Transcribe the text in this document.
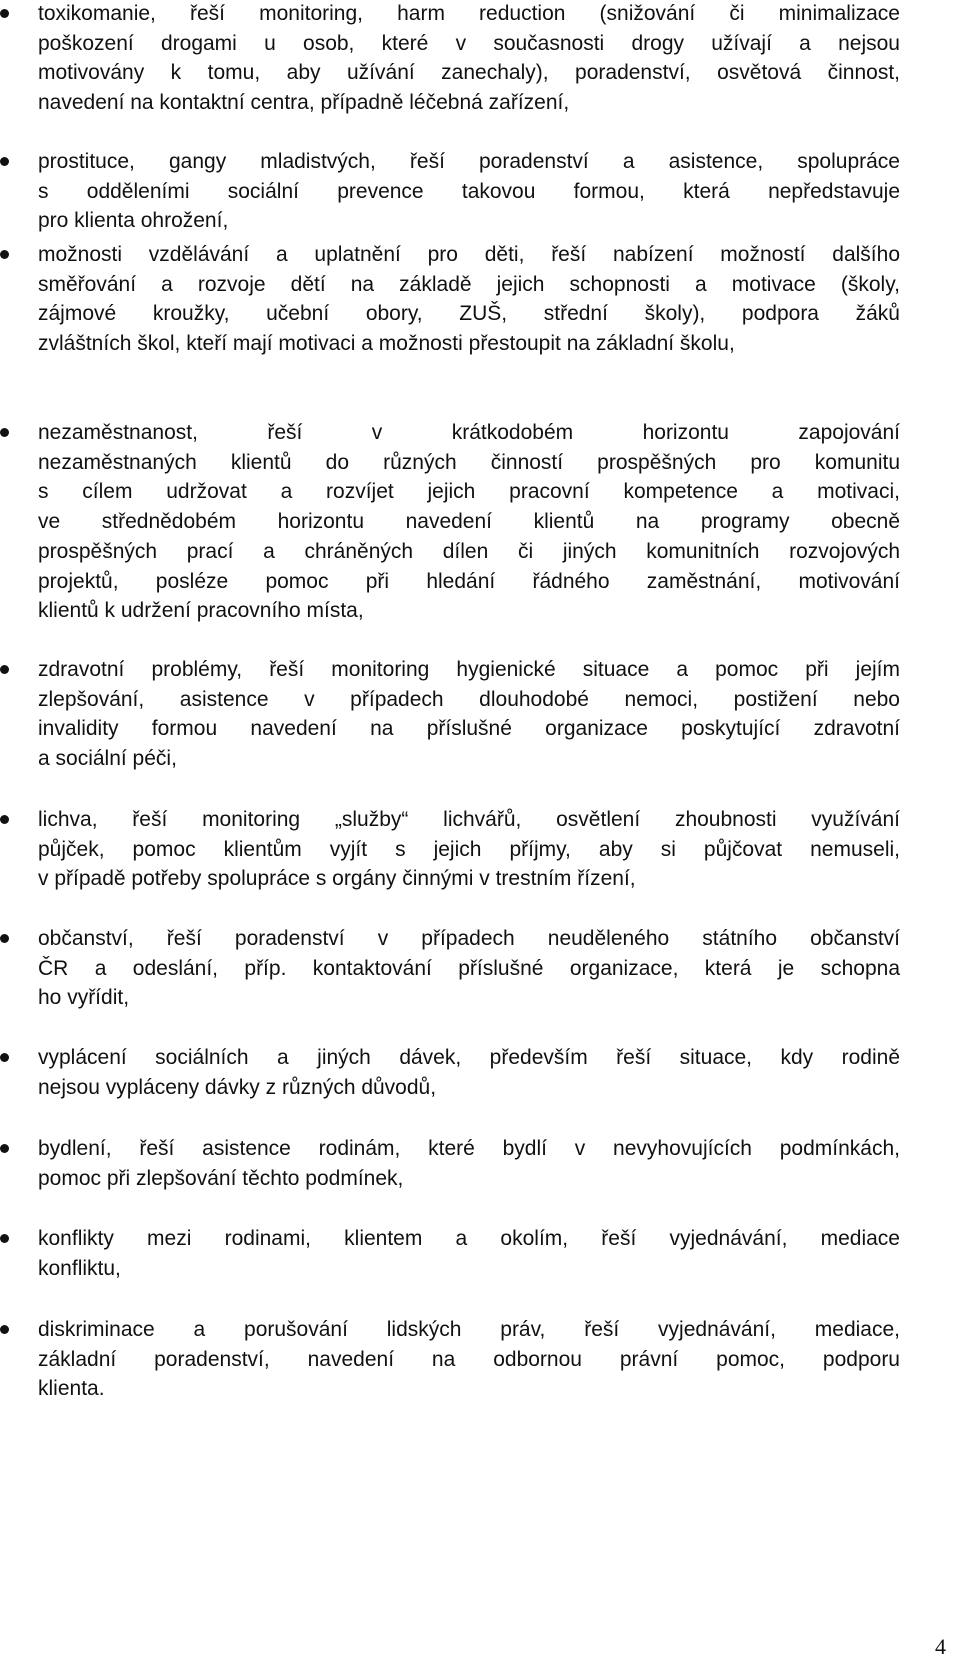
toxikomanie, řeší monitoring, harm reduction (snižování či minimalizace
poškození drogami u osob, které v současnosti drogy užívají a nejsou
motivovány k tomu, aby užívání zanechaly), poradenství, osvětová činnost,
navedení na kontaktní centra, případně léčebná zařízení,
prostituce, gangy mladistvých, řeší poradenství a asistence, spolupráce
s odděleními sociální prevence takovou formou, která nepředstavuje
pro klienta ohrožení,
možnosti vzdělávání a uplatnění pro děti, řeší nabízení možností dalšího
směřování a rozvoje dětí na základě jejich schopnosti a motivace (školy,
zájmové kroužky, učební obory, ZUŠ, střední školy), podpora žáků
zvláštních škol, kteří mají motivaci a možnosti přestoupit na základní školu,
nezaměstnanost, řeší v krátkodobém horizontu zapojování
nezaměstnaných klientů do různých činností prospěšných pro komunitu
s cílem udržovat a rozvíjet jejich pracovní kompetence a motivaci,
ve střednědobém horizontu navedení klientů na programy obecně
prospěšných prací a chráněných dílen či jiných komunitních rozvojových
projektů, posléze pomoc při hledání řádného zaměstnání, motivování
klientů k udržení pracovního místa,
zdravotní problémy, řeší monitoring hygienické situace a pomoc při jejím
zlepšování, asistence v případech dlouhodobé nemoci, postižení nebo
invalidity formou navedení na příslušné organizace poskytující zdravotní
a sociální péči,
lichva, řeší monitoring „služby“ lichvářů, osvětlení zhoubnosti využívání
půjček, pomoc klientům vyjít s jejich příjmy, aby si půjčovat nemuseli,
v případě potřeby spolupráce s orgány činnými v trestním řízení,
občanství, řeší poradenství v případech neuděleného státního občanství
ČR a odeslání, příp. kontaktování příslušné organizace, která je schopna
ho vyřídit,
vyplácení sociálních a jiných dávek, především řeší situace, kdy rodině
nejsou vypláceny dávky z různých důvodů,
bydlení, řeší asistence rodinám, které bydlí v nevyhovujících podmínkách,
pomoc při zlepšování těchto podmínek,
konflikty mezi rodinami, klientem a okolím, řeší vyjednávání, mediace
konfliktu,
diskriminace a porušování lidských práv, řeší vyjednávání, mediace,
základní poradenství, navedení na odbornou právní pomoc, podporu
klienta.
4
